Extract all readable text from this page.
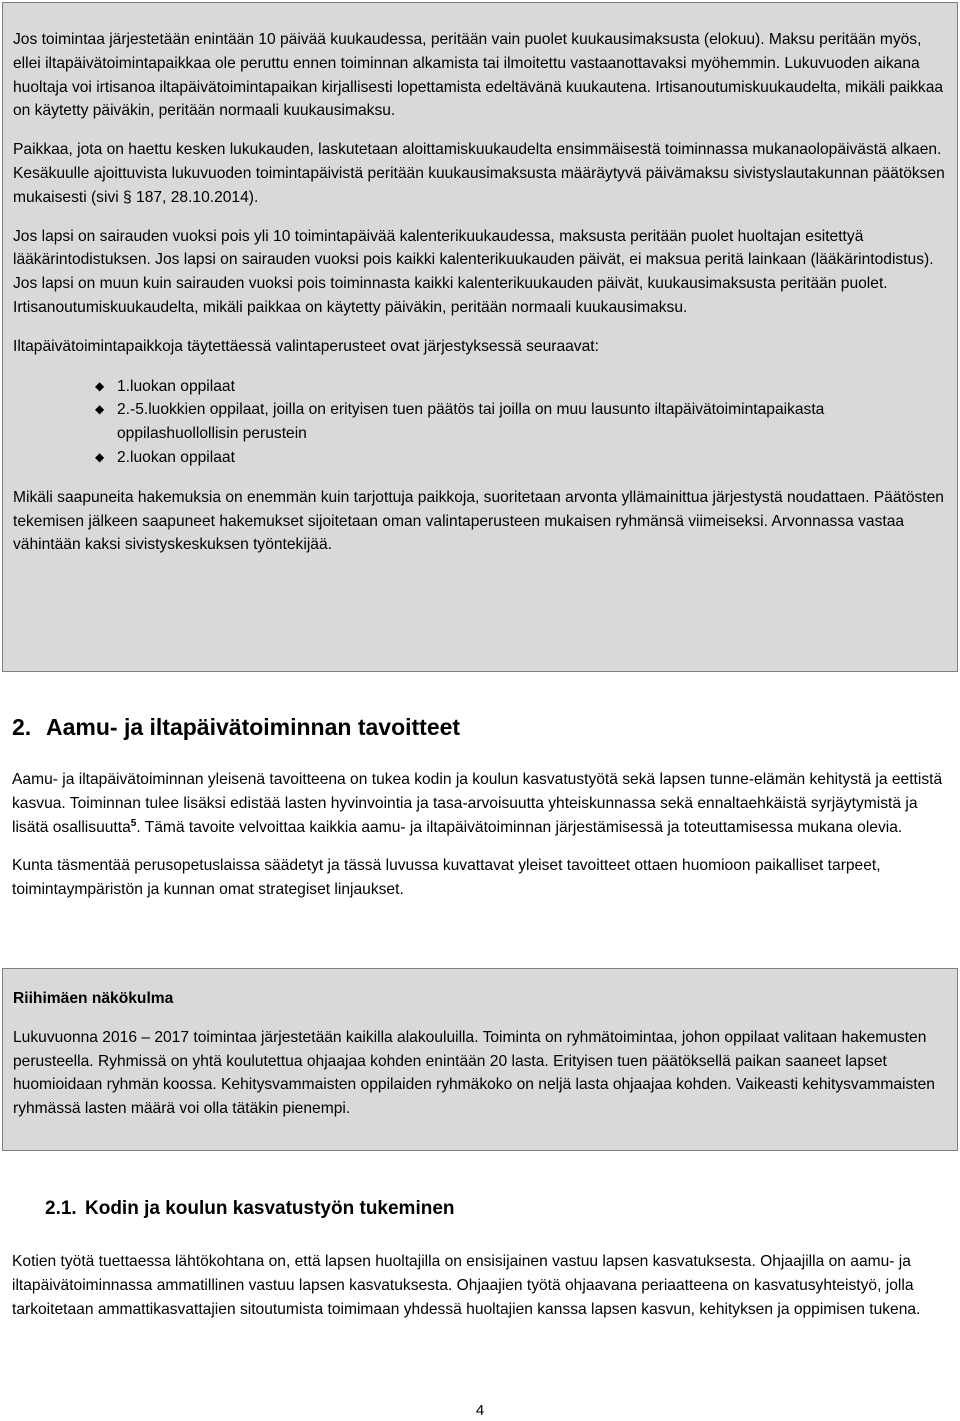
Jos toimintaa järjestetään enintään 10 päivää kuukaudessa, peritään vain puolet kuukausimaksusta (elokuu). Maksu peritään myös, ellei iltapäivätoimintapaikkaa ole peruttu ennen toiminnan alkamista tai ilmoitettu vastaanottavaksi myöhemmin. Lukuvuoden aikana huoltaja voi irtisanoa iltapäivätoimintapaikan kirjallisesti lopettamista edeltävänä kuukautena. Irtisanoutumiskuukaudelta, mikäli paikkaa on käytetty päiväkin, peritään normaali kuukausimaksu.

Paikkaa, jota on haettu kesken lukukauden, laskutetaan aloittamiskuukaudelta ensimmäisestä toiminnassa mukanaolopäivästä alkaen. Kesäkuulle ajoittuvista lukuvuoden toimintapäivistä peritään kuukausimaksusta määräytyvä päivämaksu sivistyslautakunnan päätöksen mukaisesti (sivi § 187, 28.10.2014).

Jos lapsi on sairauden vuoksi pois yli 10 toimintapäivää kalenterikuukaudessa, maksusta peritään puolet huoltajan esitettyä lääkärintodistuksen. Jos lapsi on sairauden vuoksi pois kaikki kalenterikuukauden päivät, ei maksua peritä lainkaan (lääkärintodistus). Jos lapsi on muun kuin sairauden vuoksi pois toiminnasta kaikki kalenterikuukauden päivät, kuukausimaksusta peritään puolet. Irtisanoutumiskuukaudelta, mikäli paikkaa on käytetty päiväkin, peritään normaali kuukausimaksu.

Iltapäivätoimintapaikkoja täytettäessä valintaperusteet ovat järjestyksessä seuraavat:

◆ 1.luokan oppilaat
◆ 2.-5.luokkien oppilaat, joilla on erityisen tuen päätös tai joilla on muu lausunto iltapäivätoimintapaikasta oppilashuollollisin perustein
◆ 2.luokan oppilaat

Mikäli saapuneita hakemuksia on enemmän kuin tarjottuja paikkoja, suoritetaan arvonta yllämainittua järjestystä noudattaen. Päätösten tekemisen jälkeen saapuneet hakemukset sijoitetaan oman valintaperusteen mukaisen ryhmänsä viimeiseksi. Arvonnassa vastaa vähintään kaksi sivistyskeskuksen työntekijää.

2. Aamu- ja iltapäivätoiminnan tavoitteet

Aamu- ja iltapäivätoiminnan yleisenä tavoitteena on tukea kodin ja koulun kasvatustyötä sekä lapsen tunne-elämän kehitystä ja eettistä kasvua. Toiminnan tulee lisäksi edistää lasten hyvinvointia ja tasa-arvoisuutta yhteiskunnassa sekä ennaltaehkäistä syrjäytymistä ja lisätä osallisuutta$^5$. Tämä tavoite velvoittaa kaikkia aamu- ja iltapäivätoiminnan järjestämisessä ja toteuttamisessa mukana olevia.

Kunta täsmentää perusopetuslaissa säädetyt ja tässä luvussa kuvattavat yleiset tavoitteet ottaen huomioon paikalliset tarpeet, toimintaympäristön ja kunnan omat strategiset linjaukset.

Riihimäen näkökulma

Lukuvuonna 2016 – 2017 toimintaa järjestetään kaikilla alakouluilla. Toiminta on ryhmätoimintaa, johon oppilaat valitaan hakemusten perusteella. Ryhmissä on yhtä koulutettua ohjaajaa kohden enintään 20 lasta. Erityisen tuen päätöksellä paikan saaneet lapset huomioidaan ryhmän koossa. Kehitysvammaisten oppilaiden ryhmäkoko on neljä lasta ohjaajaa kohden. Vaikeasti kehitysvammaisten ryhmässä lasten määrä voi olla tätäkin pienempi.

2.1. Kodin ja koulun kasvatustyön tukeminen

Kotien työtä tuettaessa lähtökohtana on, että lapsen huoltajilla on ensisijainen vastuu lapsen kasvatuksesta. Ohjaajilla on aamu- ja iltapäivätoiminnassa ammatillinen vastuu lapsen kasvatuksesta. Ohjaajien työtä ohjaavana periaatteena on kasvatusyhteistyö, jolla tarkoitetaan ammattikasvattajien sitoutumista toimimaan yhdessä huoltajien kanssa lapsen kasvun, kehityksen ja oppimisen tukena.

4
